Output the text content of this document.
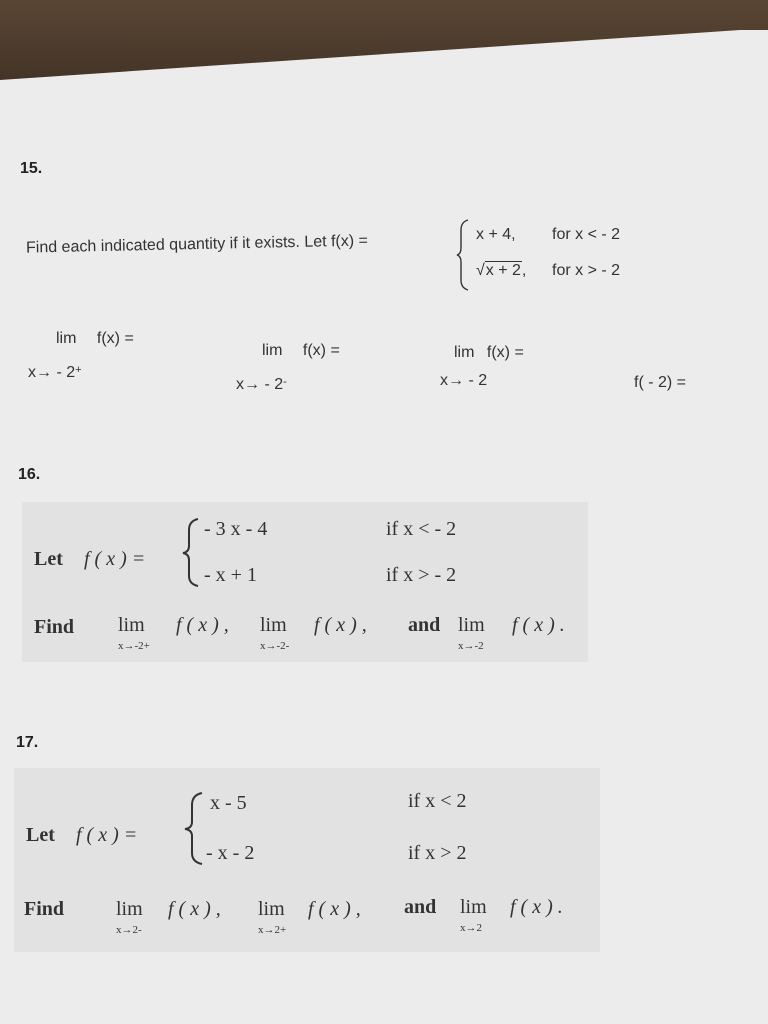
15.
Find each indicated quantity if it exists. Let f(x) =	x + 4, for x < - 2
√x + 2, for x > - 2
lim f(x) =
x→ - 2+
lim f(x) =
x→ - 2-
lim f(x) =
x→ - 2	f( - 2) =
16.
Let f ( x ) =
- 3 x - 4	if x < - 2
- x + 1	if x > - 2
Find lim
x→-2+
f ( x ) , lim
x→-2-
f ( x ) , and lim
x→-2
f ( x ) .
17.
Let f ( x ) =
x - 5	if x < 2
- x - 2	if x > 2
Find	lim
x→2-
f ( x ) , lim
x→2+
f ( x ) , and lim
x→2
f ( x ) .
